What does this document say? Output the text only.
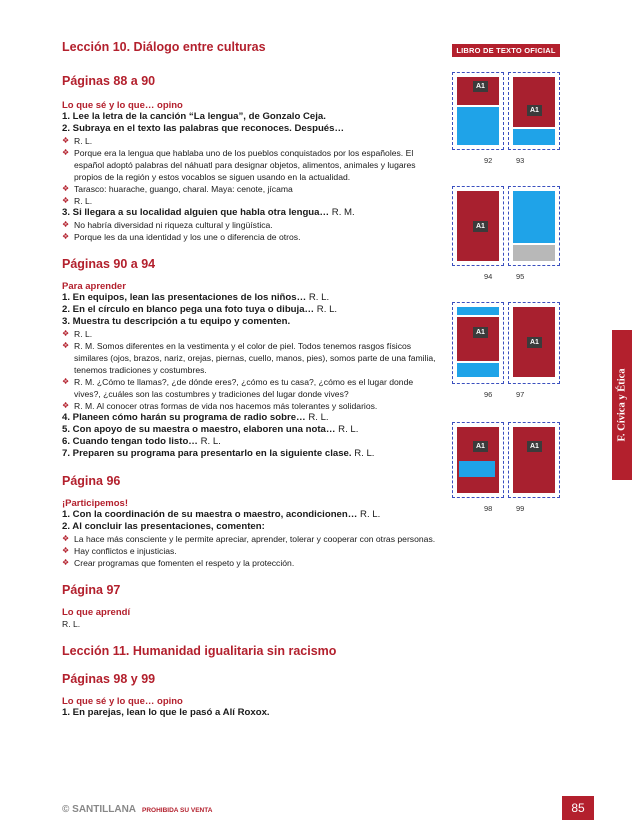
Lección 10. Diálogo entre culturas

Páginas 88 a 90

Lo que sé y lo que… opino

1. Lee la letra de la canción “La lengua”, de Gonzalo Ceja.

2. Subraya en el texto las palabras que reconoces. Después…

❖ R. L.

❖ Porque era la lengua que hablaba uno de los pueblos conquistados por los españoles. El español adoptó palabras del náhuatl para designar objetos, alimentos, animales y lugares propios de la región y estos vocablos se siguen usando en la actualidad.

❖ Tarasco: huarache, guango, charal. Maya: cenote, jícama

❖ R. L.

3. Si llegara a su localidad alguien que habla otra lengua… R. M.

❖ No habría diversidad ni riqueza cultural y lingüística.

❖ Porque les da una identidad y los une o diferencia de otros.

Páginas 90 a 94

Para aprender

1. En equipos, lean las presentaciones de los niños… R. L.

2. En el círculo en blanco pega una foto tuya o dibuja… R. L.

3. Muestra tu descripción a tu equipo y comenten.

❖ R. L.

❖ R. M. Somos diferentes en la vestimenta y el color de piel. Todos tenemos rasgos físicos similares (ojos, brazos, nariz, orejas, piernas, cuello, manos, pies), somos parte de una familia, tenemos tradiciones y costumbres.

❖ R. M. ¿Cómo te llamas?, ¿de dónde eres?, ¿cómo es tu casa?, ¿cómo es el lugar donde vives?, ¿cuáles son las costumbres y tradiciones del lugar donde vives?

❖ R. M. Al conocer otras formas de vida nos hacemos más tolerantes y solidarios.

4. Planeen cómo harán su programa de radio sobre… R. L.

5. Con apoyo de su maestra o maestro, elaboren una nota… R. L.

6. Cuando tengan todo listo… R. L.

7. Preparen su programa para presentarlo en la siguiente clase. R. L.

Página 96

¡Participemos!

1. Con la coordinación de su maestra o maestro, acondicionen… R. L.

2. Al concluir las presentaciones, comenten:

❖ La hace más consciente y le permite apreciar, aprender, tolerar y cooperar con otras personas.

❖ Hay conflictos e injusticias.

❖ Crear programas que fomenten el respeto y la protección.

Página 97

Lo que aprendí

R. L.

Lección 11. Humanidad igualitaria sin racismo

Páginas 98 y 99

Lo que sé y lo que… opino

1. En parejas, lean lo que le pasó a Alí Roxox.

LIBRO DE TEXTO OFICIAL
A1
A1
92	93
A1
94	95
A1
A1
96	97
A1	A1
98	99
F. Cívica y Ética
© SANTILLANA PROHIBIDA SU VENTA	85
